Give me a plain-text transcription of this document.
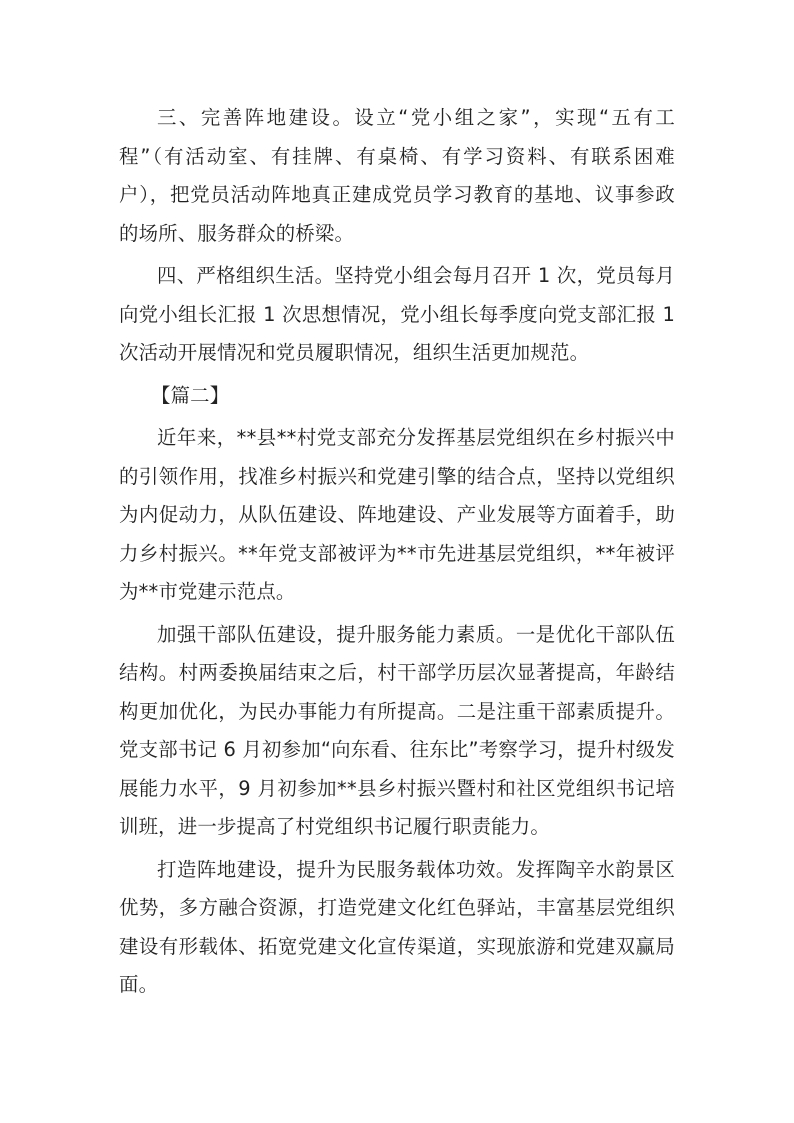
三、完善阵地建设。设立“党小组之家”，实现“五有工程”（有活动室、有挂牌、有桌椅、有学习资料、有联系困难户），把党员活动阵地真正建成党员学习教育的基地、议事参政的场所、服务群众的桥梁。

四、严格组织生活。坚持党小组会每月召开 1 次，党员每月向党小组长汇报 1 次思想情况，党小组长每季度向党支部汇报 1 次活动开展情况和党员履职情况，组织生活更加规范。

【篇二】

近年来，**县**村党支部充分发挥基层党组织在乡村振兴中的引领作用，找准乡村振兴和党建引擎的结合点，坚持以党组织为内促动力，从队伍建设、阵地建设、产业发展等方面着手，助力乡村振兴。**年党支部被评为**市先进基层党组织，**年被评为**市党建示范点。

加强干部队伍建设，提升服务能力素质。一是优化干部队伍结构。村两委换届结束之后，村干部学历层次显著提高，年龄结构更加优化，为民办事能力有所提高。二是注重干部素质提升。党支部书记 6 月初参加“向东看、往东比”考察学习，提升村级发展能力水平，9 月初参加**县乡村振兴暨村和社区党组织书记培训班，进一步提高了村党组织书记履行职责能力。

打造阵地建设，提升为民服务载体功效。发挥陶辛水韵景区优势，多方融合资源，打造党建文化红色驿站，丰富基层党组织建设有形载体、拓宽党建文化宣传渠道，实现旅游和党建双赢局面。
